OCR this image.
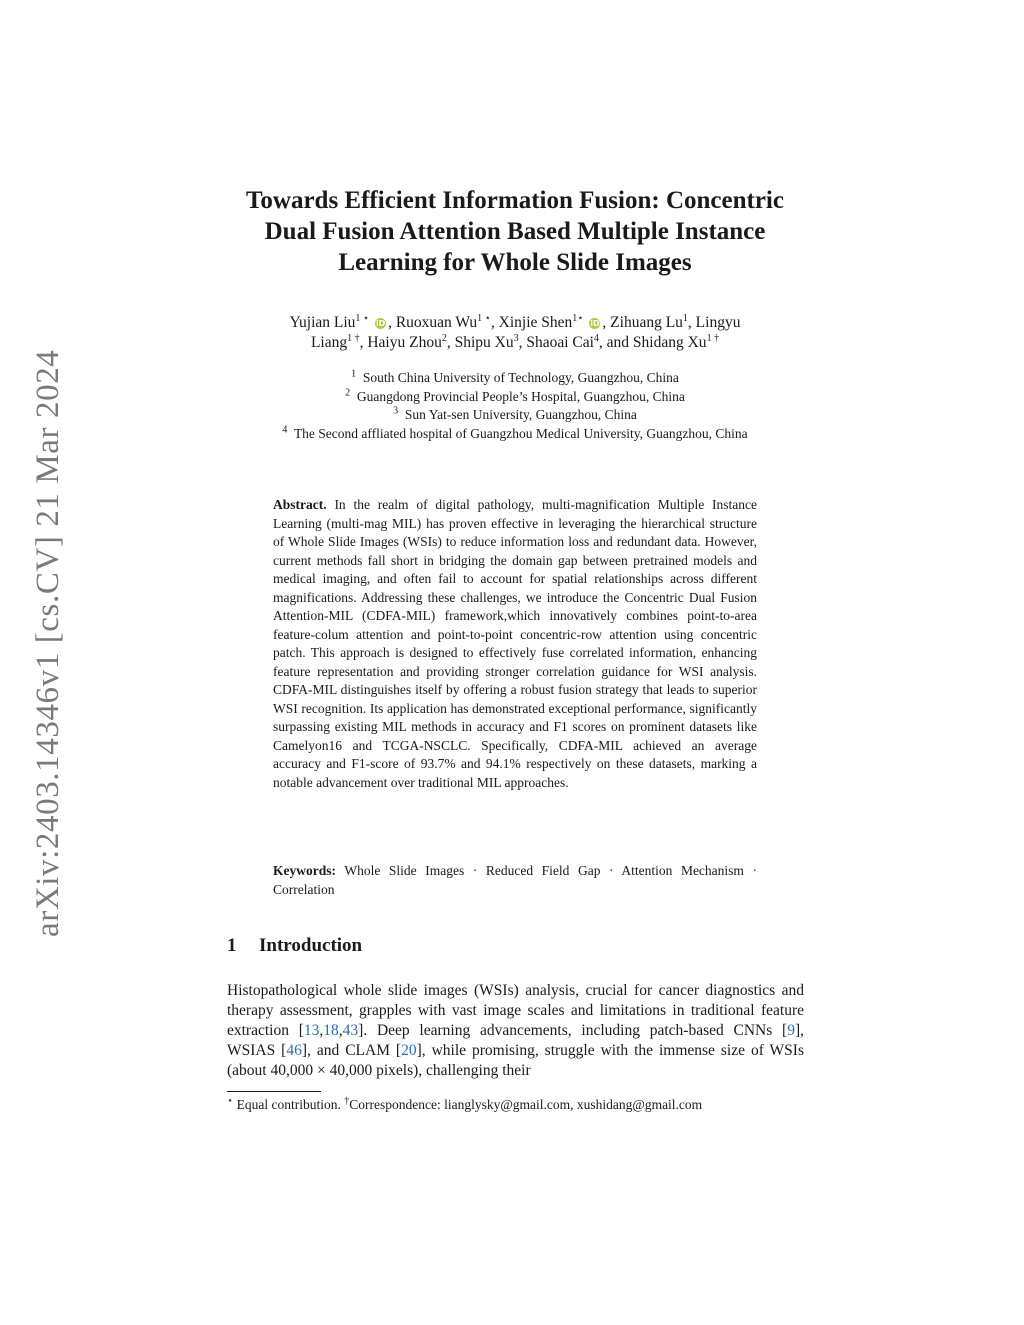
arXiv:2403.14346v1 [cs.CV] 21 Mar 2024
Towards Efficient Information Fusion: Concentric
Dual Fusion Attention Based Multiple Instance
Learning for Whole Slide Images
Yujian Liu$^{1 ⋆}$ iD , Ruoxuan $Wu^{1 ⋆}$, Xinjie Shen$^{1⋆}$ iD , Zihuang Lu$^1$, Lingyu
Liang$^{1 \dagger}$, Haiyu Zhou$^2$, Shipu Xu$^3$, Shaoai Cai$^4$, and Shidang $Xu^{1 \dagger}$
$^1$ South China University of Technology, Guangzhou, China
$^2$ Guangdong Provincial People’s Hospital, Guangzhou, China
$^3$ Sun Yat-sen University, Guangzhou, China
$^4$ The Second affliated hospital of Guangzhou Medical University, Guangzhou, China
Abstract. In the realm of digital pathology, multi-magnification Multiple Instance Learning (multi-mag MIL) has proven effective in leveraging the hierarchical structure of Whole Slide Images (WSIs) to reduce information loss and redundant data. However, current methods fall short in bridging the domain gap between pretrained models and medical imaging, and often fail to account for spatial relationships across different magnifications. Addressing these challenges, we introduce the Concentric Dual Fusion Attention-MIL (CDFA-MIL) framework,which innovatively combines point-to-area feature-colum attention and point-to-point concentric-row attention using concentric patch. This approach is designed to effectively fuse correlated information, enhancing feature representation and providing stronger correlation guidance for WSI analysis. CDFA-MIL distinguishes itself by offering a robust fusion strategy that leads to superior WSI recognition. Its application has demonstrated exceptional performance, significantly surpassing existing MIL methods in accuracy and F1 scores on prominent datasets like Camelyon16 and TCGA-NSCLC. Specifically, CDFA-MIL achieved an average accuracy and F1-score of 93.7% and 94.1% respectively on these datasets, marking a notable advancement over traditional MIL approaches.
Keywords: Whole Slide Images · Reduced Field Gap · Attention Mechanism · Correlation
1 Introduction
Histopathological whole slide images (WSIs) analysis, crucial for cancer diagnostics and therapy assessment, grapples with vast image scales and limitations in traditional feature extraction [13,18,43]. Deep learning advancements, including patch-based CNNs [9], WSIAS [46], and CLAM [20], while promising, struggle with the immense size of WSIs (about 40,000 × 40,000 pixels), challenging their
⋆ Equal contribution. †Correspondence: lianglysky@gmail.com, xushidang@gmail.com
